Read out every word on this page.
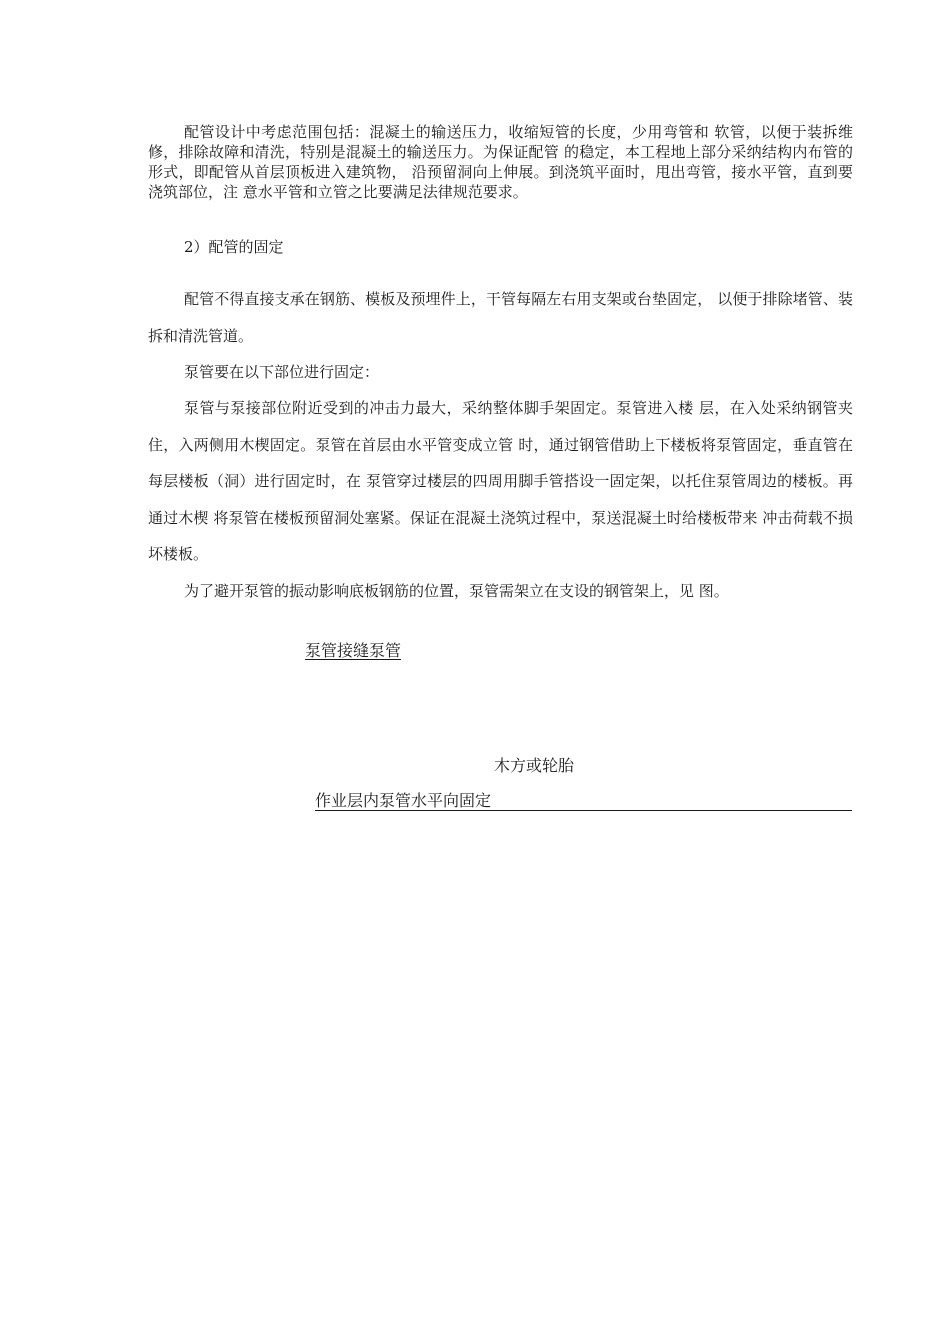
配管设计中考虑范围包括：混凝土的输送压力，收缩短管的长度，少用弯管和 软管，以便于装拆维修，排除故障和清洗，特别是混凝土的输送压力。为保证配管 的稳定，本工程地上部分采纳结构内布管的形式，即配管从首层顶板进入建筑物， 沿预留洞向上伸展。到浇筑平面时，甩出弯管，接水平管，直到要浇筑部位，注 意水平管和立管之比要满足法律规范要求。

2）配管的固定

配管不得直接支承在钢筋、模板及预埋件上，干管每隔左右用支架或台垫固定， 以便于排除堵管、装拆和清洗管道。

泵管要在以下部位进行固定：

泵管与泵接部位附近受到的冲击力最大，采纳整体脚手架固定。泵管进入楼 层，在入处采纳钢管夹住，入两侧用木楔固定。泵管在首层由水平管变成立管 时，通过钢管借助上下楼板将泵管固定，垂直管在每层楼板（洞）进行固定时，在 泵管穿过楼层的四周用脚手管搭设一固定架，以托住泵管周边的楼板。再通过木楔 将泵管在楼板预留洞处塞紧。保证在混凝土浇筑过程中，泵送混凝土时给楼板带来 冲击荷载不损坏楼板。

为了避开泵管的振动影响底板钢筋的位置，泵管需架立在支设的钢管架上，见 图。

泵管接缝泵管

木方或轮胎

作业层内泵管水平向固定
